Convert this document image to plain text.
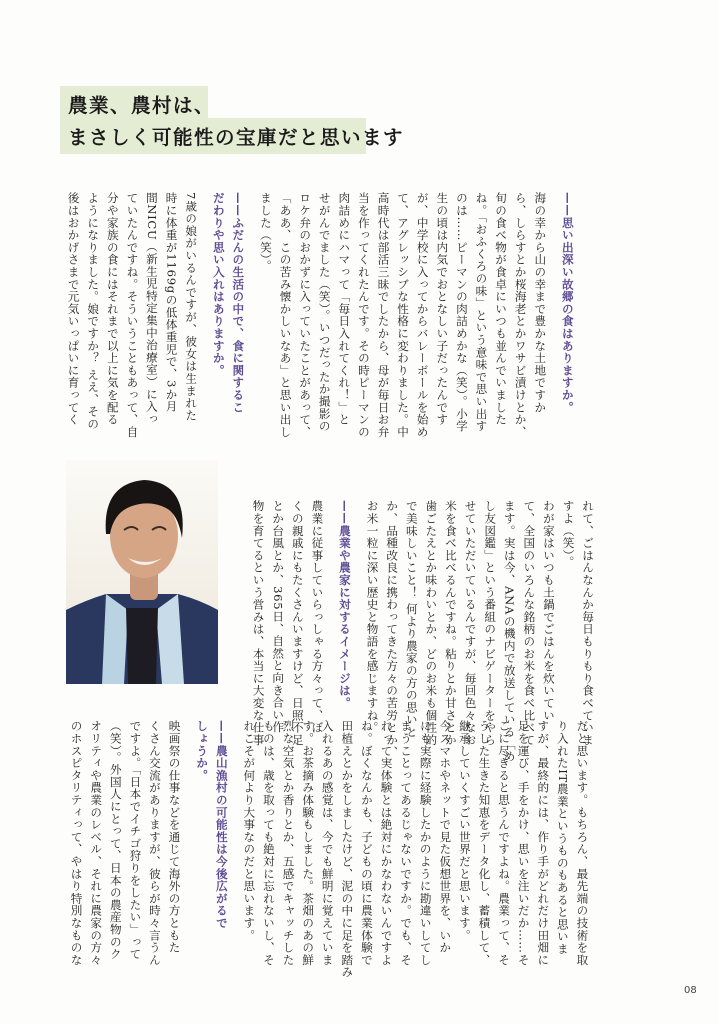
農業、農村は、
まさしく可能性の宝庫だと思います
——思い出深い故郷の食はありますか。
海の幸から山の幸まで豊かな土地ですか
ら、しらすとか桜海老とかワサビ漬けとか、
旬の食べ物が食卓にいつも並んでいました
ね。「おふくろの味」という意味で思い出す
のは……ピーマンの肉詰めかな（笑）。小学
生の頃は内気でおとなしい子だったんです
が、中学校に入ってからバレーボールを始め
て、アグレッシブな性格に変わりました。中
高時代は部活三昧でしたから、母が毎日お弁
当を作ってくれたんです。その時ピーマンの
肉詰めにハマって「毎日入れてくれ！」と
せがんでました（笑）。いつだったか撮影の
ロケ弁のおかずに入っていたことがあって、
「ああ、この苦み懐かしいなあ」と思い出し
ました（笑）。
——ふだんの生活の中で、食に関するこ
だわりや思い入れはありますか。
7歳の娘がいるんですが、彼女は生まれた
時に体重が1169gの低体重児で、3か月
間NICU（新生児特定集中治療室）に入っ
ていたんですね。そういうこともあって、自
分や家族の食にはそれまで以上に気を配る
ようになりました。娘ですか？ ええ、その
後はおかげさまで元気いっぱいに育ってく
れて、ごはんなんか毎日もりもり食べていま
すよ（笑）。
わが家はいつも土鍋でごはんを炊いてい
て、全国のいろんな銘柄のお米を食べ比べて
ます。実は今、ANAの機内で放送している「め
し友図鑑」という番組のナビゲーターをやら
せていただいているんですが、毎回色々なお
米を食べ比べるんですね。粘りとか甘さとか
歯ごたえとか味わいとか、どのお米も個性的
で美味しいこと！ 何より農家の方の思いと
か、品種改良に携わってきた方々の苦労とか、
お米一粒に深い歴史と物語を感じますね。
——農業や農家に対するイメージは。
農業に従事していらっしゃる方々って、ぼ
くの親戚にもたくさんいますけど、日照不足
とか台風とか、365日、自然と向き合い作
物を育てるという営みは、本当に大変な仕事
だと思います。もちろん、最先端の技術を取
り入れたIT農業というものもあると思いま
すが、最終的には、作り手がどれだけ田畑に
足を運び、手をかけ、思いを注いだか……そ
こに尽きると思うんですよね。農業って、そ
うした生きた知恵をデータ化し、蓄積して、
継承していくすごい世界だと思います。
今スマホやネットで見た仮想世界を、いか
にも実際に経験したかのように勘違いしてし
まうことってあるじゃないですか。でも、そ
れって実体験とは絶対にかなわないんですよ
ね。ぼくなんかも、子どもの頃に農業体験で
田植えとかをしましたけど、泥の中に足を踏み
入れるあの感覚は、今でも鮮明に覚えていま
す。お茶摘み体験もしました。茶畑のあの鮮
烈な空気とか香りとか、五感でキャッチした
ものは、歳を取っても絶対に忘れないし、そ
れこそが何より大事なのだと思います。
——農山漁村の可能性は今後広がるで
しょうか。
映画祭の仕事などを通じて海外の方ともた
くさん交流がありますが、彼らが時々言うん
ですよ。「日本でイチゴ狩りをしたい」って
（笑）。外国人にとって、日本の農産物のク
オリティや農業のレベル、それに農家の方々
のホスピタリティって、やはり特別なものな
08
